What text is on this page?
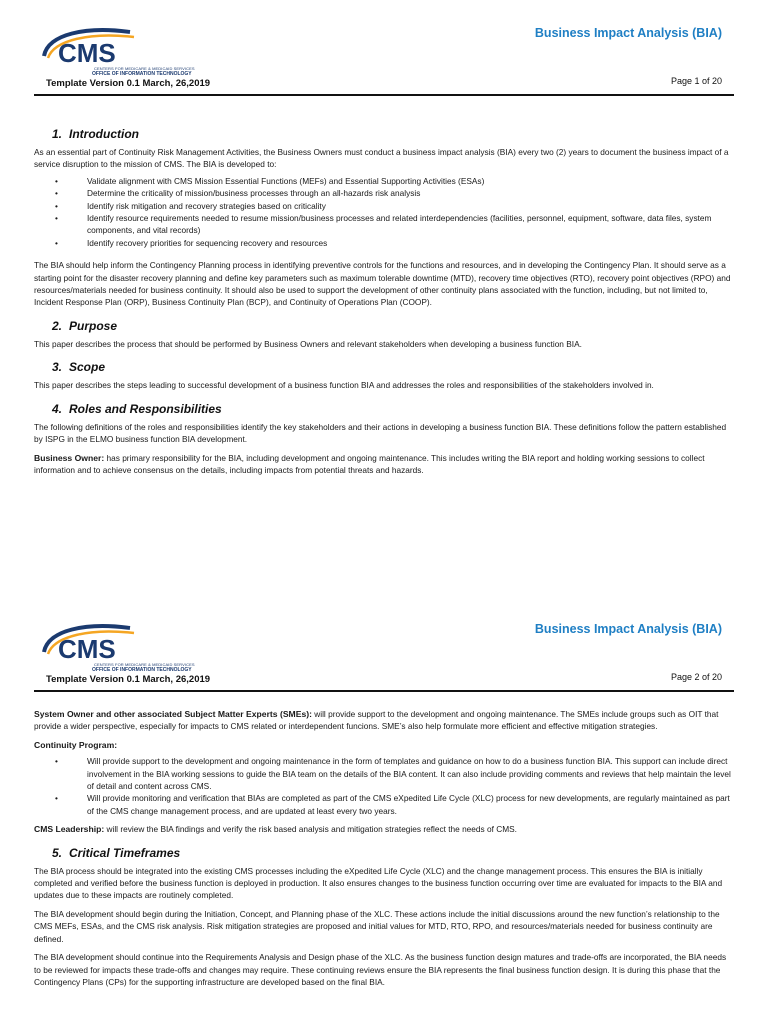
CMS
CENTERS FOR MEDICARE & MEDICAID SERVICES
OFFICE OF INFORMATION TECHNOLOGY
Business Impact Analysis (BIA)
Template Version 0.1 March, 26,2019	Page 1 of 20
1. Introduction

As an essential part of Continuity Risk Management Activities, the Business Owners must conduct a business impact analysis (BIA) every two (2) years to document the business impact of a service disruption to the mission of CMS. The BIA is developed to:

• Validate alignment with CMS Mission Essential Functions (MEFs) and Essential Supporting Activities (ESAs)
• Determine the criticality of mission/business processes through an all-hazards risk analysis
• Identify risk mitigation and recovery strategies based on criticality
• Identify resource requirements needed to resume mission/business processes and related interdependencies (facilities, personnel, equipment, software, data files, system components, and vital records)
• Identify recovery priorities for sequencing recovery and resources

The BIA should help inform the Contingency Planning process in identifying preventive controls for the functions and resources, and in developing the Contingency Plan. It should serve as a starting point for the disaster recovery planning and define key parameters such as maximum tolerable downtime (MTD), recovery time objectives (RTO), recovery point objectives (RPO) and resources/materials needed for business continuity. It should also be used to support the development of other continuity plans associated with the function, including, but not limited to, Incident Response Plan (ORP), Business Continuity Plan (BCP), and Continuity of Operations Plan (COOP).

2. Purpose

This paper describes the process that should be performed by Business Owners and relevant stakeholders when developing a business function BIA.

3. Scope

This paper describes the steps leading to successful development of a business function BIA and addresses the roles and responsibilities of the stakeholders involved in.

4. Roles and Responsibilities

The following definitions of the roles and responsibilities identify the key stakeholders and their actions in developing a business function BIA. These definitions follow the pattern established by ISPG in the ELMO business function BIA development.

Business Owner: has primary responsibility for the BIA, including development and ongoing maintenance. This includes writing the BIA report and holding working sessions to collect information and to achieve consensus on the details, including impacts from potential threats and hazards.

CMS
CENTERS FOR MEDICARE & MEDICAID SERVICES
OFFICE OF INFORMATION TECHNOLOGY
Business Impact Analysis (BIA)
Template Version 0.1 March, 26,2019	Page 2 of 20

System Owner and other associated Subject Matter Experts (SMEs): will provide support to the development and ongoing maintenance. The SMEs include groups such as OIT that provide a wider perspective, especially for impacts to CMS related or interdependent funcions. SME’s also help formulate more efficient and effective mitigation strategies.

Continuity Program:

• Will provide support to the development and ongoing maintenance in the form of templates and guidance on how to do a business function BIA. This support can include direct involvement in the BIA working sessions to guide the BIA team on the details of the BIA content. It can also include providing comments and reviews that help maintain the level of detail and content across CMS.
• Will provide monitoring and verification that BIAs are completed as part of the CMS eXpedited Life Cycle (XLC) process for new developments, are regularly maintained as part of the CMS change management process, and are updated at least every two years.

CMS Leadership: will review the BIA findings and verify the risk based analysis and mitigation strategies reflect the needs of CMS.

5. Critical Timeframes

The BIA process should be integrated into the existing CMS processes including the eXpedited Life Cycle (XLC) and the change management process. This ensures the BIA is initially completed and verified before the business function is deployed in production. It also ensures changes to the business function occurring over time are evaluated for impacts to the BIA and updates due to these impacts are routinely completed.

The BIA development should begin during the Initiation, Concept, and Planning phase of the XLC. These actions include the initial discussions around the new function’s relationship to the CMS MEFs, ESAs, and the CMS risk analysis. Risk mitigation strategies are proposed and initial values for MTD, RTO, RPO, and resources/materials needed for business continuity are defined.

The BIA development should continue into the Requirements Analysis and Design phase of the XLC. As the business function design matures and trade-offs are incorporated, the BIA needs to be reviewed for impacts these trade-offs and changes may require. These continuing reviews ensure the BIA represents the final business function design. It is during this phase that the Contingency Plans (CPs) for the supporting infrastructure are developed based on the final BIA.
